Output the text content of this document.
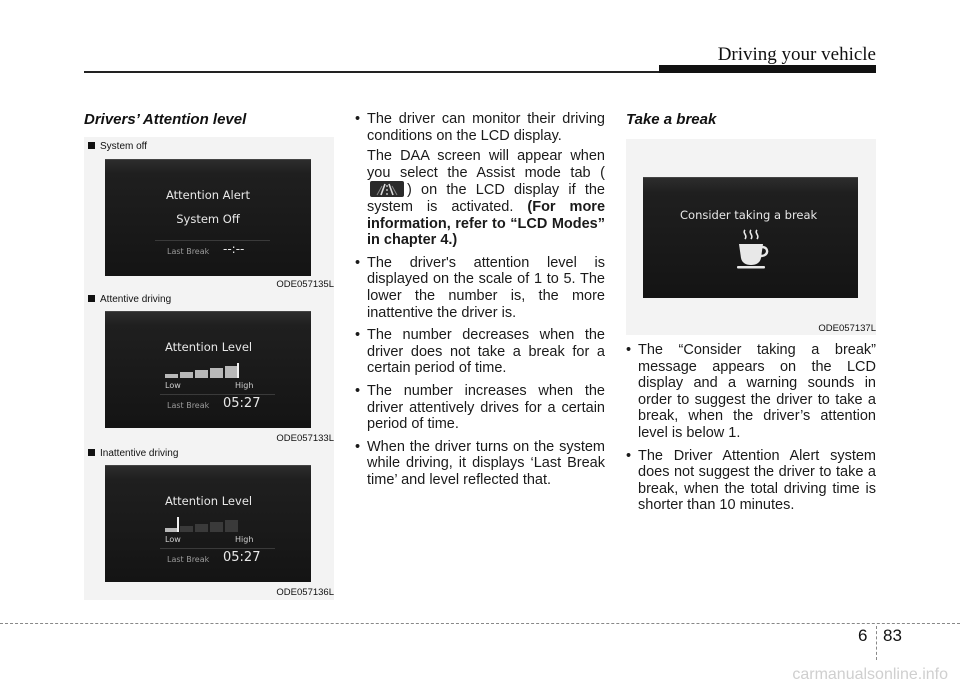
Driving your vehicle
Drivers’ Attention level
System off
Attention Alert
System Off
Last Break --:--
ODE057135L
Attentive driving
Attention Level
Low	High
Last Break 05:27
ODE057133L
Inattentive driving
Attention Level
Low	High
Last Break 05:27
ODE057136L
• The driver can monitor their driving conditions on the LCD display.
The DAA screen will appear when you select the Assist mode tab () on the LCD display if the system is activated. (For more information, refer to “LCD Modes” in chapter 4.)
• The driver's attention level is displayed on the scale of 1 to 5. The lower the number is, the more inattentive the driver is.
• The number decreases when the driver does not take a break for a certain period of time.
• The number increases when the driver attentively drives for a certain period of time.
• When the driver turns on the system while driving, it displays ‘Last Break time’ and level reflected that.
Take a break
Consider taking a break
ODE057137L
• The “Consider taking a break” message appears on the LCD display and a warning sounds in order to suggest the driver to take a break, when the driver’s attention level is below 1.
• The Driver Attention Alert system does not suggest the driver to take a break, when the total driving time is shorter than 10 minutes.
6 83
carmanualsonline.info
